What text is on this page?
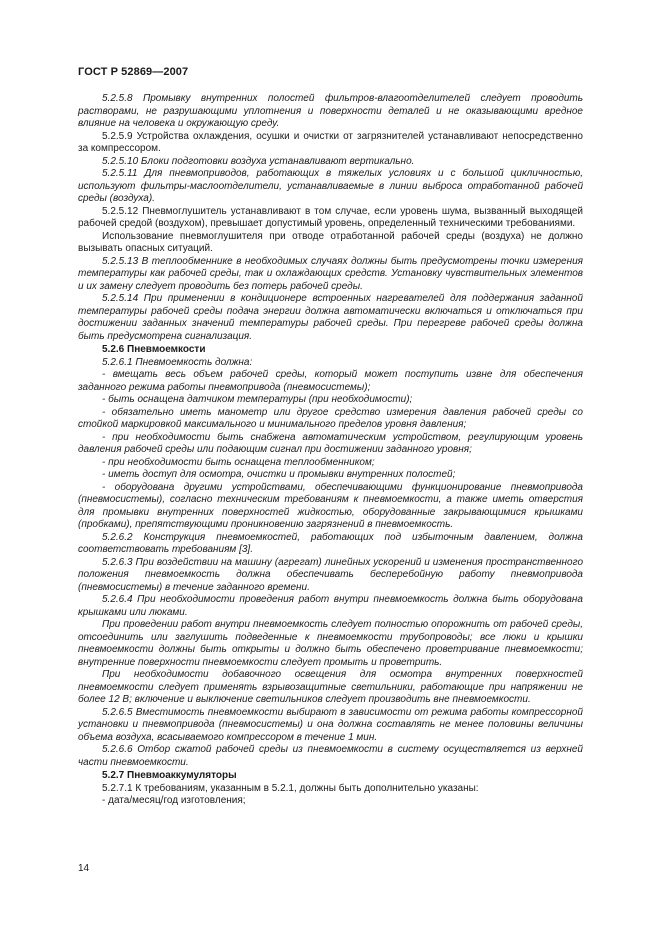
ГОСТ Р 52869—2007

5.2.5.8 Промывку внутренних полостей фильтров-влагоотделителей следует проводить растворами, не разрушающими уплотнения и поверхности деталей и не оказывающими вредное влияние на человека и окружающую среду.

5.2.5.9 Устройства охлаждения, осушки и очистки от загрязнителей устанавливают непосредственно за компрессором.

5.2.5.10 Блоки подготовки воздуха устанавливают вертикально.

5.2.5.11 Для пневмоприводов, работающих в тяжелых условиях и с большой цикличностью, используют фильтры-маслоотделители, устанавливаемые в линии выброса отработанной рабочей среды (воздуха).

5.2.5.12 Пневмоглушитель устанавливают в том случае, если уровень шума, вызванный выходящей рабочей средой (воздухом), превышает допустимый уровень, определенный техническими требованиями.

Использование пневмоглушителя при отводе отработанной рабочей среды (воздуха) не должно вызывать опасных ситуаций.

5.2.5.13 В теплообменнике в необходимых случаях должны быть предусмотрены точки измерения температуры как рабочей среды, так и охлаждающих средств. Установку чувствительных элементов и их замену следует проводить без потерь рабочей среды.

5.2.5.14 При применении в кондиционере встроенных нагревателей для поддержания заданной температуры рабочей среды подача энергии должна автоматически включаться и отключаться при достижении заданных значений температуры рабочей среды. При перегреве рабочей среды должна быть предусмотрена сигнализация.

5.2.6 Пневмоемкости

5.2.6.1 Пневмоемкость должна:

- вмещать весь объем рабочей среды, который может поступить извне для обеспечения заданного режима работы пневмопривода (пневмосистемы);

- быть оснащена датчиком температуры (при необходимости);

- обязательно иметь манометр или другое средство измерения давления рабочей среды со стойкой маркировкой максимального и минимального пределов уровня давления;

- при необходимости быть снабжена автоматическим устройством, регулирующим уровень давления рабочей среды или подающим сигнал при достижении заданного уровня;

- при необходимости быть оснащена теплообменником;

- иметь доступ для осмотра, очистки и промывки внутренних полостей;

- оборудована другими устройствами, обеспечивающими функционирование пневмопривода (пневмосистемы), согласно техническим требованиям к пневмоемкости, а также иметь отверстия для промывки внутренних поверхностей жидкостью, оборудованные закрывающимися крышками (пробками), препятствующими проникновению загрязнений в пневмоемкость.

5.2.6.2 Конструкция пневмоемкостей, работающих под избыточным давлением, должна соответствовать требованиям [3].

5.2.6.3 При воздействии на машину (агрегат) линейных ускорений и изменения пространственного положения пневмоемкость должна обеспечивать бесперебойную работу пневмопривода (пневмосистемы) в течение заданного времени.

5.2.6.4 При необходимости проведения работ внутри пневмоемкость должна быть оборудована крышками или люками.

При проведении работ внутри пневмоемкость следует полностью опорожнить от рабочей среды, отсоединить или заглушить подведенные к пневмоемкости трубопроводы; все люки и крышки пневмоемкости должны быть открыты и должно быть обеспечено проветривание пневмоемкости; внутренние поверхности пневмоемкости следует промыть и проветрить.

При необходимости добавочного освещения для осмотра внутренних поверхностей пневмоемкости следует применять взрывозащитные светильники, работающие при напряжении не более 12 В; включение и выключение светильников следует производить вне пневмоемкости.

5.2.6.5 Вместимость пневмоемкости выбирают в зависимости от режима работы компрессорной установки и пневмопривода (пневмосистемы) и она должна составлять не менее половины величины объема воздуха, всасываемого компрессором в течение 1 мин.

5.2.6.6 Отбор сжатой рабочей среды из пневмоемкости в систему осуществляется из верхней части пневмоемкости.

5.2.7 Пневмоаккумуляторы

5.2.7.1 К требованиям, указанным в 5.2.1, должны быть дополнительно указаны:

- дата/месяц/год изготовления;

14
